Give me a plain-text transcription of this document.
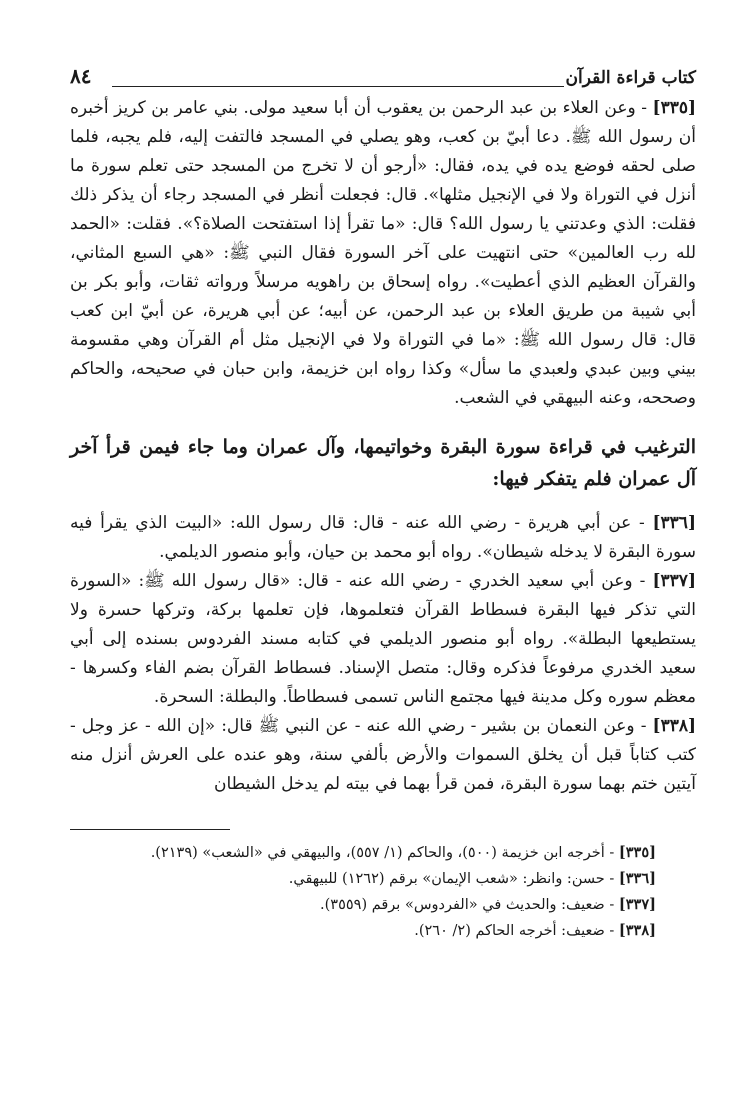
كتاب قراءة القرآن
٨٤

[٣٣٥] - وعن العلاء بن عبد الرحمن بن يعقوب أن أبا سعيد مولى. بني عامر بن كريز أخبره أن رسول الله ﷺ. دعا أبيّ بن كعب، وهو يصلي في المسجد فالتفت إليه، فلم يجبه، فلما صلى لحقه فوضع يده في يده، فقال: «أرجو أن لا تخرج من المسجد حتى تعلم سورة ما أنزل في التوراة ولا في الإنجيل مثلها». قال: فجعلت أنظر في المسجد رجاء أن يذكر ذلك فقلت: الذي وعدتني يا رسول الله؟ قال: «ما تقرأ إذا استفتحت الصلاة؟». فقلت: «الحمد لله رب العالمين» حتى انتهيت على آخر السورة فقال النبي ﷺ: «هي السبع المثاني، والقرآن العظيم الذي أعطيت». رواه إسحاق بن راهويه مرسلاً ورواته ثقات، وأبو بكر بن أبي شيبة من طريق العلاء بن عبد الرحمن، عن أبيه؛ عن أبي هريرة، عن أبيّ ابن كعب قال: قال رسول الله ﷺ: «ما في التوراة ولا في الإنجيل مثل أم القرآن وهي مقسومة بيني وبين عبدي ولعبدي ما سأل» وكذا رواه ابن خزيمة، وابن حبان في صحيحه، والحاكم وصححه، وعنه البيهقي في الشعب.

الترغيب في قراءة سورة البقرة وخواتيمها، وآل عمران وما جاء فيمن قرأ آخر آل عمران فلم يتفكر فيها:

[٣٣٦] - عن أبي هريرة - رضي الله عنه - قال: قال رسول الله: «البيت الذي يقرأ فيه سورة البقرة لا يدخله شيطان». رواه أبو محمد بن حيان، وأبو منصور الديلمي.

[٣٣٧] - وعن أبي سعيد الخدري - رضي الله عنه - قال: «قال رسول الله ﷺ: «السورة التي تذكر فيها البقرة فسطاط القرآن فتعلموها، فإن تعلمها بركة، وتركها حسرة ولا يستطيعها البطلة». رواه أبو منصور الديلمي في كتابه مسند الفردوس بسنده إلى أبي سعيد الخدري مرفوعاً فذكره وقال: متصل الإسناد. فسطاط القرآن بضم الفاء وكسرها - معظم سوره وكل مدينة فيها مجتمع الناس تسمى فسطاطاً. والبطلة: السحرة.

[٣٣٨] - وعن النعمان بن بشير - رضي الله عنه - عن النبي ﷺ قال: «إن الله - عز وجل - كتب كتاباً قبل أن يخلق السموات والأرض بألفي سنة، وهو عنده على العرش أنزل منه آيتين ختم بهما سورة البقرة، فمن قرأ بهما في بيته لم يدخل الشيطان

[٣٣٥] - أخرجه ابن خزيمة (٥٠٠)، والحاكم (١/ ٥٥٧)، والبيهقي في «الشعب» (٢١٣٩).

[٣٣٦] - حسن: وانظر: «شعب الإيمان» برقم (١٢٦٢) للبيهقي.

[٣٣٧] - ضعيف: والحديث في «الفردوس» برقم (٣٥٥٩).

[٣٣٨] - ضعيف: أخرجه الحاكم (٢/ ٢٦٠).
